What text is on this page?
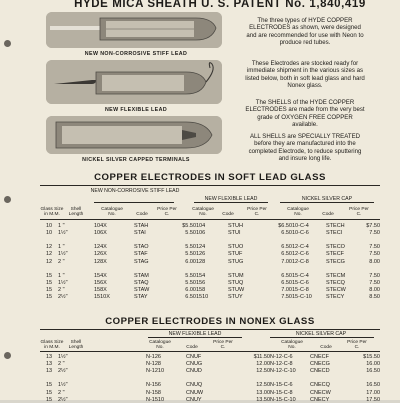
HYDE MICA SHEATH U. S. PATENT No. 1,840,419
NEW NON-CORROSIVE STIFF LEAD
NEW FLEXIBLE LEAD
NICKEL SILVER CAPPED TERMINALS
The three types of HYDE COPPER ELECTRODES as shown, were designed and are recommended for use with Neon to produce red tubes.
These Electrodes are stocked ready for immediate shipment in the various sizes as listed below, both in soft lead glass and hard Nonex glass.
The SHELLS of the HYDE COPPER ELECTRODES are made from the very best grade of OXYGEN FREE COPPER available.
ALL SHELLS are SPECIALLY TREATED before they are manufactured into the completed Electrode, to reduce sputtering and insure long life.
COPPER ELECTRODES IN SOFT LEAD GLASS
NEW NON-CORROSIVE STIFF LEAD
NEW FLEXIBLE LEAD	NICKEL SILVER CAP
Glass Size in M.M.
Shell Length
Catalogue No.	Code
Price Per C.
Catalogue No.	Code
Price Per C.
Catalogue No.	Code
Price Per C.
10	1 "	104X	STAH	$5.50	104	STUH	$6.50	10-C-4	STECH	$7.50
10	1½"	106X	STAI	5.50	106	STUI	6.50	10-C-6	STECI	7.50

12	1 "	124X	STAO	5.50	124	STUO	6.50	12-C-4	STECO	7.50
12	1½"	126X	STAF	5.50	126	STUF	6.50	12-C-6	STECF	7.50
12	2 "	128X	STAG	6.00	128	STUG	7.00	12-C-8	STECG	8.00

15	1 "	154X	STAM	5.50	154	STUM	6.50	15-C-4	STECM	7.50
15	1½"	156X	STAQ	5.50	156	STUQ	6.50	15-C-6	STECQ	7.50
15	2 "	158X	STAW	6.00	158	STUW	7.00	15-C-8	STECW	8.00
15	2½"	1510X	STAY	6.50	1510	STUY	7.50	15-C-10	STECY	8.50
COPPER ELECTRODES IN NONEX GLASS
NEW FLEXIBLE LEAD	NICKEL SILVER CAP
Glass Size in M.M.
Shell Length
Catalogue No.	Code
Price Per C.
Catalogue No.	Code
Price Per C.
13	1½"	N-126	CNUF	$11.50	N-12-C-6	CNECF	$15.50
13	2 "	N-128	CNUG	12.00	N-12-C-8	CNECG	16.00
13	2½"	N-1210	CNUD	12.50	N-12-C-10	CNECD	16.50

15	1½"	N-156	CNUQ	12.50	N-15-C-6	CNECQ	16.50
15	2 "	N-158	CNUW	13.00	N-15-C-8	CNECW	17.00
15	2½"	N-1510	CNUY	13.50	N-15-C-10	CNECY	17.50
